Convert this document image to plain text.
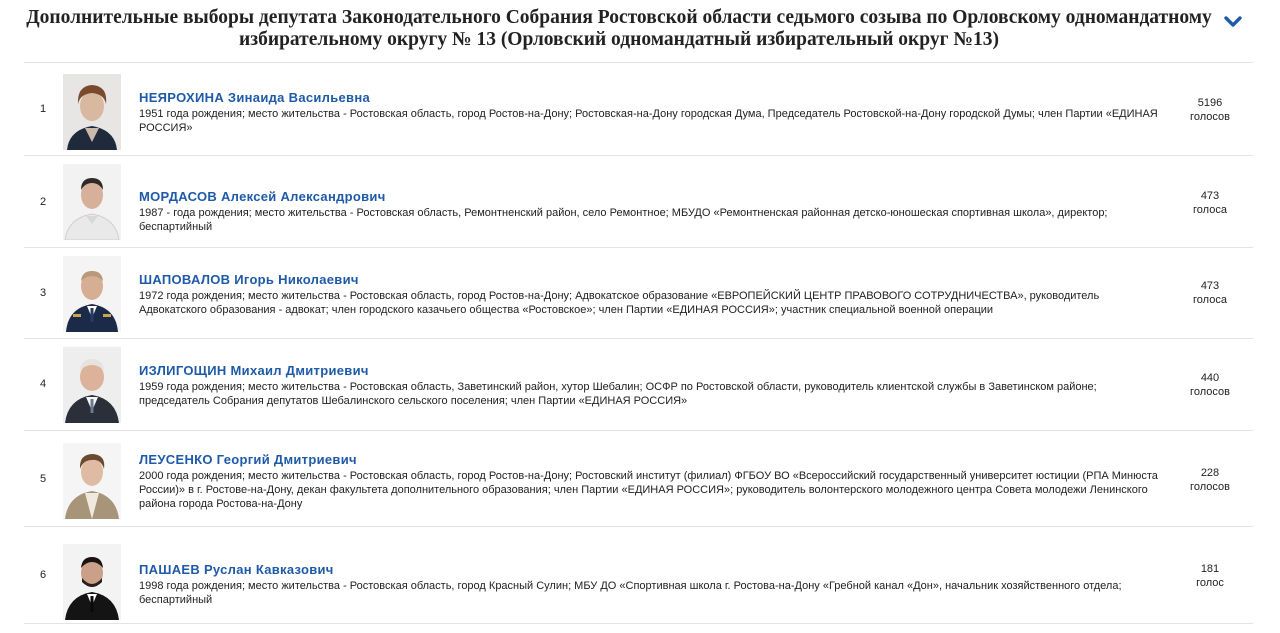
Дополнительные выборы депутата Законодательного Собрания Ростовской области седьмого созыва по Орловскому одномандатному избирательному округу № 13 (Орловский одномандатный избирательный округ №13)
1
НЕЯРОХИНА Зинаида Васильевна
1951 года рождения; место жительства - Ростовская область, город Ростов-на-Дону; Ростовская-на-Дону городская Дума, Председатель Ростовской-на-Дону городской Думы; член Партии «ЕДИНАЯ РОССИЯ»
5196
голосов
2	МОРДАСОВ Алексей Александрович
1987 - года рождения; место жительства - Ростовская область, Ремонтненский район, село Ремонтное; МБУДО «Ремонтненская районная детско-юношеская спортивная школа», директор; беспартийный
473
голоса
3
ШАПОВАЛОВ Игорь Николаевич
1972 года рождения; место жительства - Ростовская область, город Ростов-на-Дону; Адвокатское образование «ЕВРОПЕЙСКИЙ ЦЕНТР ПРАВОВОГО СОТРУДНИЧЕСТВА», руководитель Адвокатского образования - адвокат; член городского казачьего общества «Ростовское»; член Партии «ЕДИНАЯ РОССИЯ»; участник специальной военной операции
473
голоса
4
ИЗЛИГОЩИН Михаил Дмитриевич
1959 года рождения; место жительства - Ростовская область, Заветинский район, хутор Шебалин; ОСФР по Ростовской области, руководитель клиентской службы в Заветинском районе; председатель Собрания депутатов Шебалинского сельского поселения; член Партии «ЕДИНАЯ РОССИЯ»
440
голосов
5
ЛЕУСЕНКО Георгий Дмитриевич
2000 года рождения; место жительства - Ростовская область, город Ростов-на-Дону; Ростовский институт (филиал) ФГБОУ ВО «Всероссийский государственный университет юстиции (РПА Минюста России)» в г. Ростове-на-Дону, декан факультета дополнительного образования; член Партии «ЕДИНАЯ РОССИЯ»; руководитель волонтерского молодежного центра Совета молодежи Ленинского района города Ростова-на-Дону
228
голосов
6	ПАШАЕВ Руслан Кавказович
1998 года рождения; место жительства - Ростовская область, город Красный Сулин; МБУ ДО «Спортивная школа г. Ростова-на-Дону «Гребной канал «Дон», начальник хозяйственного отдела; беспартийный
181
голос
